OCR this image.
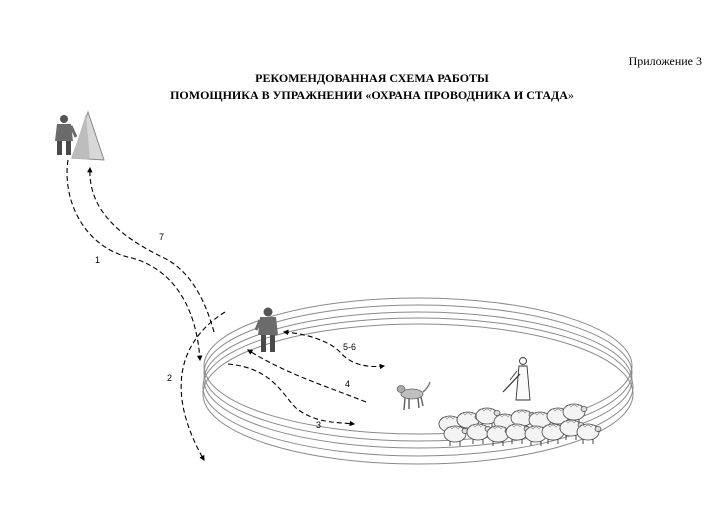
Приложение 3
РЕКОМЕНДОВАННАЯ СХЕМА РАБОТЫ
ПОМОЩНИКА В УПРАЖНЕНИИ «ОХРАНА ПРОВОДНИКА И СТАДА»
1
7
2
3
4
5-6
